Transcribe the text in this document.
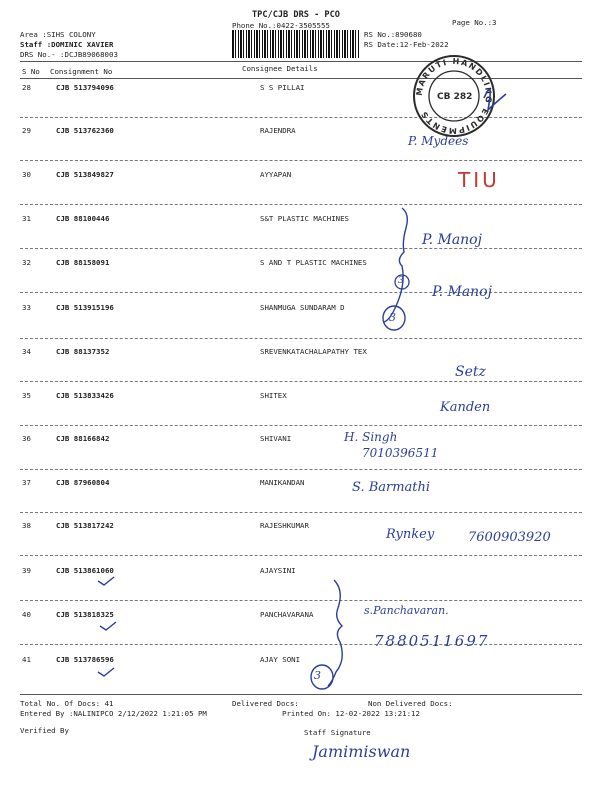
TPC/CJB DRS - PCO
Phone No.:0422-3505555	Page No.:3
Area :SIHS COLONY
Staff :DOMINIC XAVIER
DRS No.- :DCJB89068003
RS No.:890680
RS Date:12-Feb-2022
S No Consignment No	Consignee Details
28	CJB 513794096	S S PILLAI
29	CJB 513762360	RAJENDRA
30	CJB 513849827	AYYAPAN
31	CJB 88100446	S&T PLASTIC MACHINES
32	CJB 88158091	S AND T PLASTIC MACHINES
33	CJB 513915196	SHANMUGA SUNDARAM D
34	CJB 88137352	SREVENKATACHALAPATHY TEX
35	CJB 513833426	SHITEX
36	CJB 88166842	SHIVANI
37	CJB 87960804	MANIKANDAN
38	CJB 513817242	RAJESHKUMAR
39	CJB 513861060	AJAYSINI
40	CJB 513818325	PANCHAVARANA
41	CJB 513786596	AJAY SONI
Total No. Of Docs: 41	Delivered Docs:	Non Delivered Docs:
Entered By :NALINIPCO 2/12/2022 1:21:05 PM	Printed On: 12-02-2022 13:21:12
Verified By	Staff Signature
MARUTI HANDLING EQUIPMENTS
CB 282
TIU
P. Mydees
P. Manoj
P. Manoj
Setz
Kanden
H. Singh
7010396511
S. Barmathi
Rynkey	7600903920
s.Panchavaran.
7880511697
3
3
3
Jamimiswan
